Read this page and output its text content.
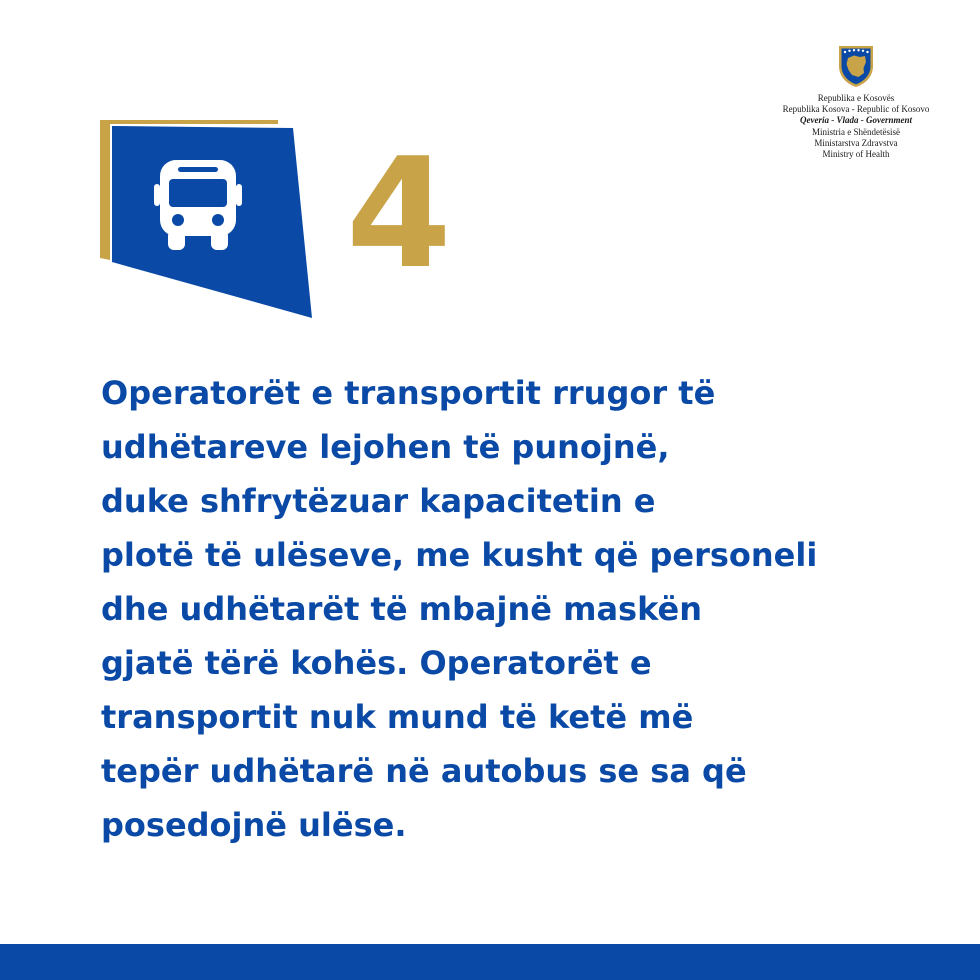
Republika e Kosovës
Republika Kosova - Republic of Kosovo
Qeveria - Vlada - Government
Ministria e Shëndetësisë
Ministarstva Zdravstva
Ministry of Health
4

Operatorët e transportit rrugor të
udhëtareve lejohen të punojnë,
duke shfrytëzuar kapacitetin e
plotë të ulëseve, me kusht që personeli
dhe udhëtarët të mbajnë maskën
gjatë tërë kohës. Operatorët e
transportit nuk mund të ketë më
tepër udhëtarë në autobus se sa që
posedojnë ulëse.
